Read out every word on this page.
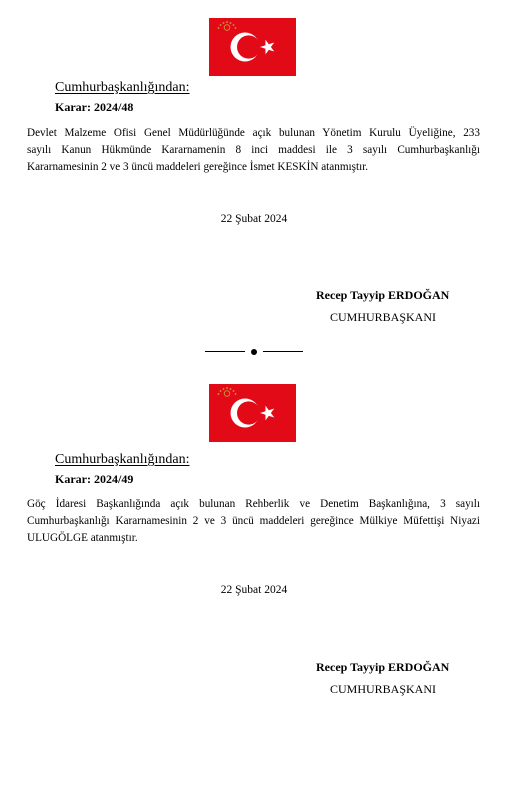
Cumhurbaşkanlığından:
Karar: 2024/48
Devlet Malzeme Ofisi Genel Müdürlüğünde açık bulunan Yönetim Kurulu Üyeliğine, 233
sayılı Kanun Hükmünde Kararnamenin 8 inci maddesi ile 3 sayılı Cumhurbaşkanlığı
Kararnamesinin 2 ve 3 üncü maddeleri gereğince İsmet KESKİN atanmıştır.
22 Şubat 2024
Recep Tayyip ERDOĞAN
CUMHURBAŞKANI
Cumhurbaşkanlığından:
Karar: 2024/49
Göç İdaresi Başkanlığında açık bulunan Rehberlik ve Denetim Başkanlığına, 3 sayılı
Cumhurbaşkanlığı Kararnamesinin 2 ve 3 üncü maddeleri gereğince Mülkiye Müfettişi Niyazi
ULUGÖLGE atanmıştır.
22 Şubat 2024
Recep Tayyip ERDOĞAN
CUMHURBAŞKANI
